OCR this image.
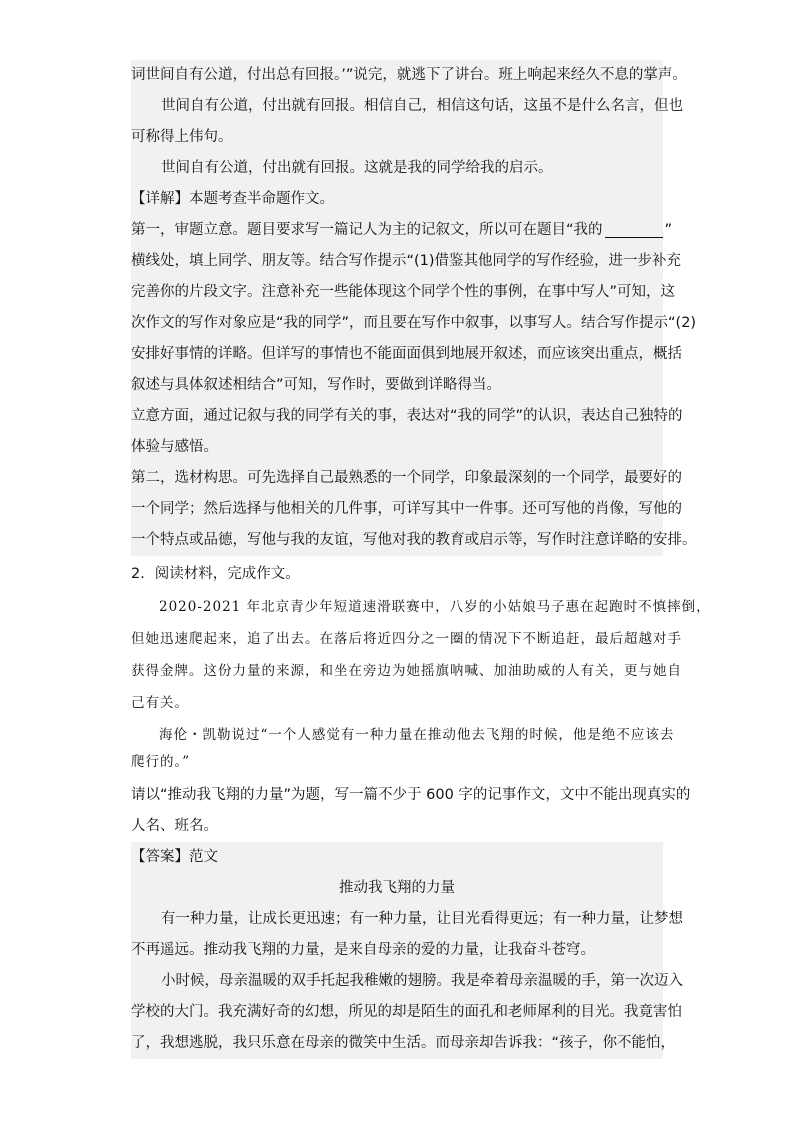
词世间自有公道，付出总有回报。’”说完，就逃下了讲台。班上响起来经久不息的掌声。
世间自有公道，付出就有回报。相信自己，相信这句话，这虽不是什么名言，但也
可称得上伟句。
世间自有公道，付出就有回报。这就是我的同学给我的启示。
【详解】本题考查半命题作文。
第一，审题立意。题目要求写一篇记人为主的记叙文，所以可在题目“我的	”
横线处，填上同学、朋友等。结合写作提示“(1)借鉴其他同学的写作经验，进一步补充
完善你的片段文字。注意补充一些能体现这个同学个性的事例，在事中写人”可知，这
次作文的写作对象应是“我的同学”，而且要在写作中叙事，以事写人。结合写作提示“(2)
安排好事情的详略。但详写的事情也不能面面俱到地展开叙述，而应该突出重点，概括
叙述与具体叙述相结合”可知，写作时，要做到详略得当。
立意方面，通过记叙与我的同学有关的事，表达对“我的同学”的认识，表达自己独特的
体验与感悟。
第二，选材构思。可先选择自己最熟悉的一个同学，印象最深刻的一个同学，最要好的
一个同学；然后选择与他相关的几件事，可详写其中一件事。还可写他的肖像，写他的
一个特点或品德，写他与我的友谊，写他对我的教育或启示等，写作时注意详略的安排。
2．阅读材料，完成作文。
2020-2021 年北京青少年短道速滑联赛中，八岁的小姑娘马子惠在起跑时不慎摔倒，
但她迅速爬起来，追了出去。在落后将近四分之一圈的情况下不断追赶，最后超越对手
获得金牌。这份力量的来源，和坐在旁边为她摇旗呐喊、加油助威的人有关，更与她自
己有关。
海伦・凯勒说过“一个人感觉有一种力量在推动他去飞翔的时候，他是绝不应该去
爬行的。”
请以“推动我飞翔的力量”为题，写一篇不少于 600 字的记事作文，文中不能出现真实的
人名、班名。
【答案】范文
推动我飞翔的力量
有一种力量，让成长更迅速；有一种力量，让目光看得更远；有一种力量，让梦想
不再遥远。推动我飞翔的力量，是来自母亲的爱的力量，让我奋斗苍穹。
小时候，母亲温暖的双手托起我稚嫩的翅膀。我是牵着母亲温暖的手，第一次迈入
学校的大门。我充满好奇的幻想，所见的却是陌生的面孔和老师犀利的目光。我竟害怕
了，我想逃脱，我只乐意在母亲的微笑中生活。而母亲却告诉我：“孩子，你不能怕，
